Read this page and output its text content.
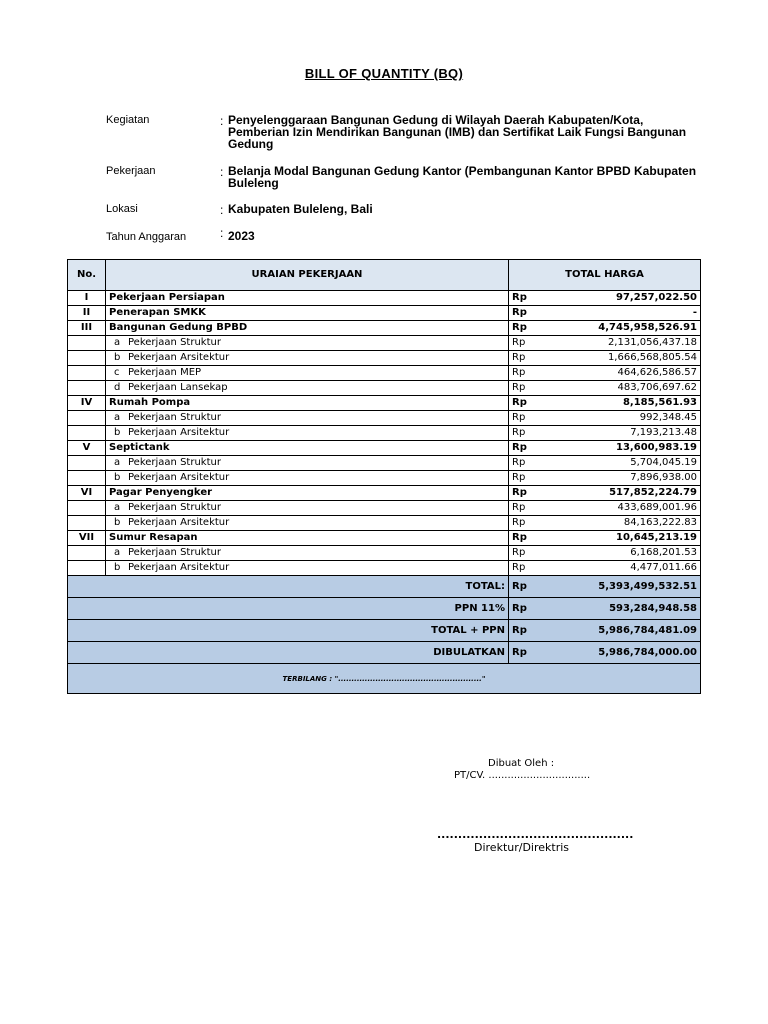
BILL OF QUANTITY (BQ)
Kegiatan	: Penyelenggaraan Bangunan Gedung di Wilayah Daerah Kabupaten/Kota, Pemberian Izin Mendirikan Bangunan (IMB) dan Sertifikat Laik Fungsi Bangunan Gedung
Pekerjaan	: Belanja Modal Bangunan Gedung Kantor (Pembangunan Kantor BPBD Kabupaten Buleleng
Lokasi	: Kabupaten Buleleng, Bali
Tahun Anggaran	: 2023
No.	URAIAN PEKERJAAN	TOTAL HARGA	
I	Pekerjaan Persiapan	Rp	97,257,022.50
II	Penerapan SMKK	Rp	-
III	Bangunan Gedung BPBD	Rp	4,745,958,526.91
	a Pekerjaan Struktur	Rp	2,131,056,437.18
	b Pekerjaan Arsitektur	Rp	1,666,568,805.54
	c Pekerjaan MEP	Rp	464,626,586.57
	d Pekerjaan Lansekap	Rp	483,706,697.62
IV	Rumah Pompa	Rp	8,185,561.93
	a Pekerjaan Struktur	Rp	992,348.45
	b Pekerjaan Arsitektur	Rp	7,193,213.48
V	Septictank	Rp	13,600,983.19
	a Pekerjaan Struktur	Rp	5,704,045.19
	b Pekerjaan Arsitektur	Rp	7,896,938.00
VI	Pagar Penyengker	Rp	517,852,224.79
	a Pekerjaan Struktur	Rp	433,689,001.96
	b Pekerjaan Arsitektur	Rp	84,163,222.83
VII	Sumur Resapan	Rp	10,645,213.19
	a Pekerjaan Struktur	Rp	6,168,201.53
	b Pekerjaan Arsitektur	Rp	4,477,011.66
TOTAL:		Rp	5,393,499,532.51
PPN 11%		Rp	593,284,948.58
TOTAL + PPN		Rp	5,986,784,481.09
DIBULATKAN		Rp	5,986,784,000.00
TERBILANG : "......................................................"			
Dibuat Oleh :
PT/CV. ................................
...............................................
Direktur/Direktris
